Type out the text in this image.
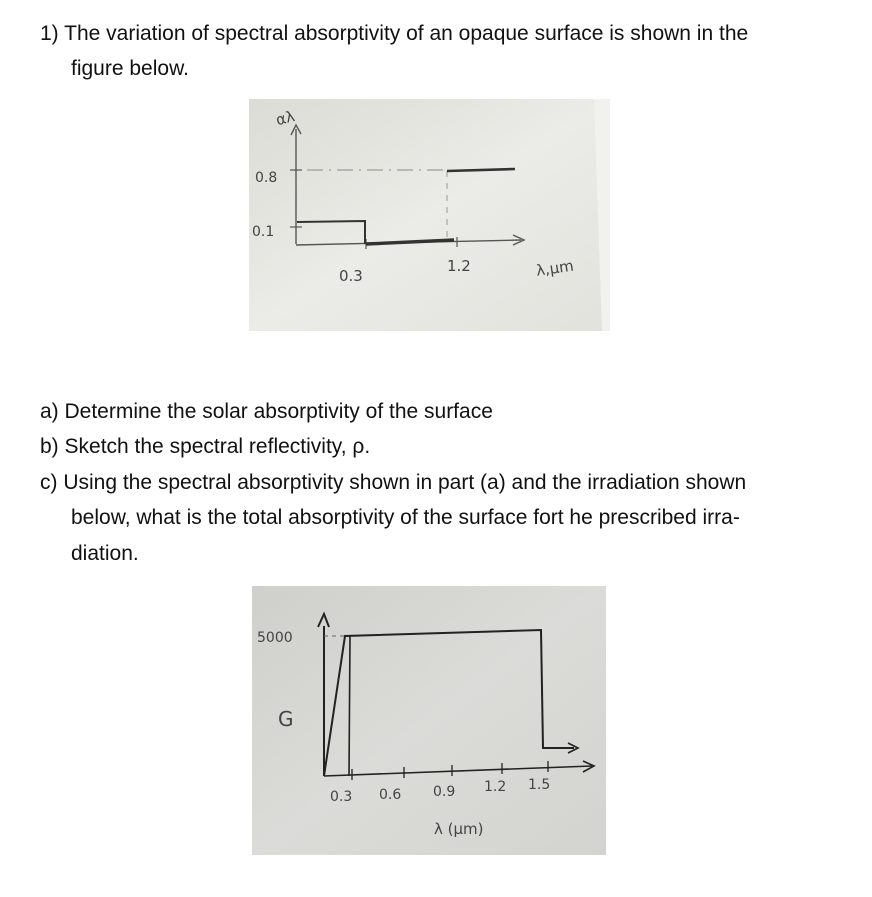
1) The variation of spectral absorptivity of an opaque surface is shown in the
figure below.
αλ
0.8
0.1
0.3
1.2	λ,μm
a) Determine the solar absorptivity of the surface
b) Sketch the spectral reflectivity, ρ.
c) Using the spectral absorptivity shown in part (a) and the irradiation shown
below, what is the total absorptivity of the surface fort he prescribed irra-
diation.
5000
G
0.3 0.6 0.9 1.2 1.5
λ (μm)
